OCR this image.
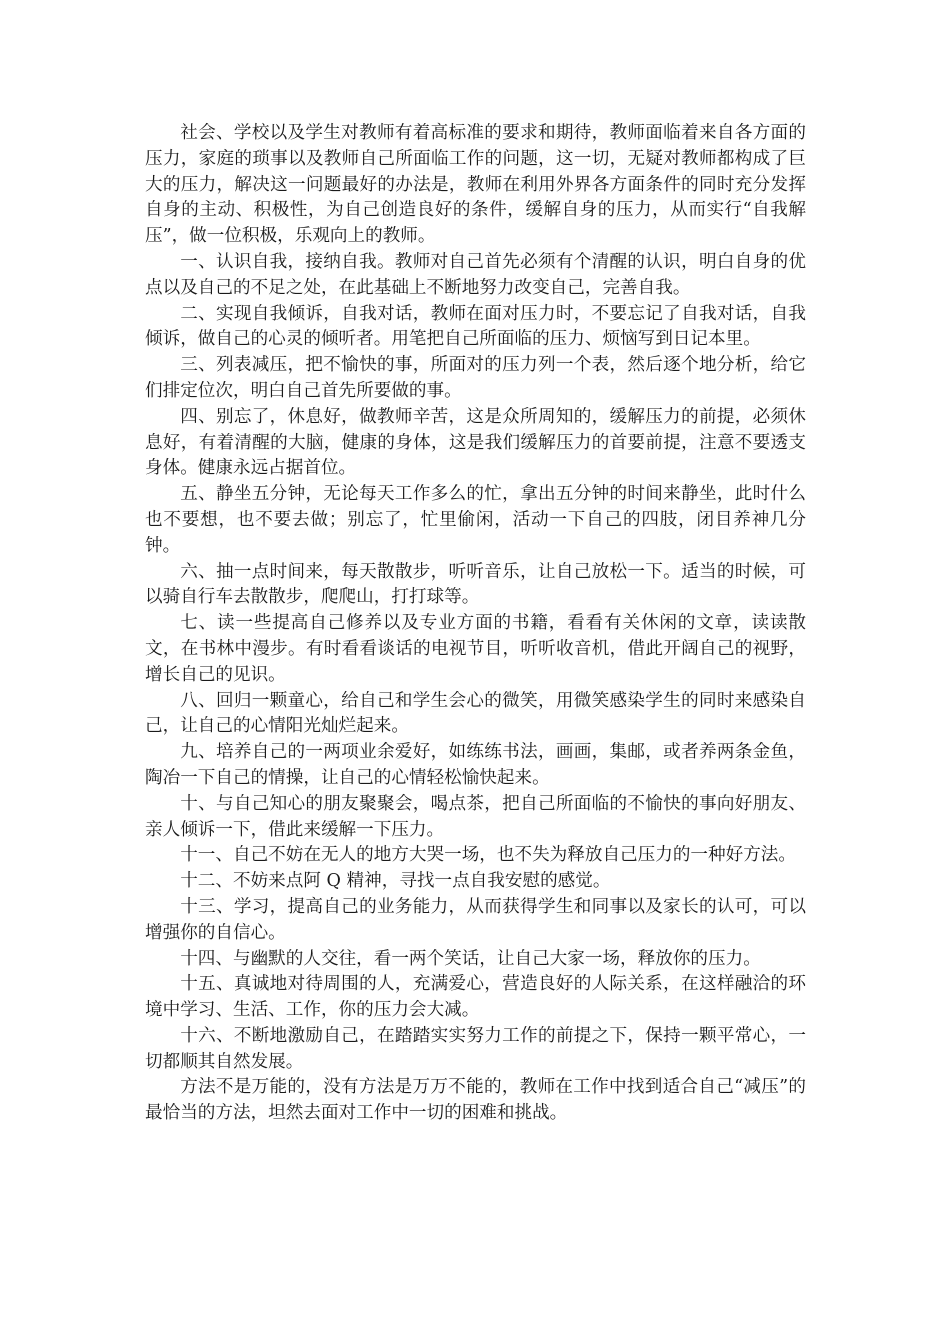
社会、学校以及学生对教师有着高标准的要求和期待，教师面临着来自各方面的压力，家庭的琐事以及教师自己所面临工作的问题，这一切，无疑对教师都构成了巨大的压力，解决这一问题最好的办法是，教师在利用外界各方面条件的同时充分发挥自身的主动、积极性，为自己创造良好的条件，缓解自身的压力，从而实行“自我解压”，做一位积极，乐观向上的教师。

一、认识自我，接纳自我。教师对自己首先必须有个清醒的认识，明白自身的优点以及自己的不足之处，在此基础上不断地努力改变自己，完善自我。

二、实现自我倾诉，自我对话，教师在面对压力时，不要忘记了自我对话，自我倾诉，做自己的心灵的倾听者。用笔把自己所面临的压力、烦恼写到日记本里。

三、列表减压，把不愉快的事，所面对的压力列一个表，然后逐个地分析，给它们排定位次，明白自己首先所要做的事。

四、别忘了，休息好，做教师辛苦，这是众所周知的，缓解压力的前提，必须休息好，有着清醒的大脑，健康的身体，这是我们缓解压力的首要前提，注意不要透支身体。健康永远占据首位。

五、静坐五分钟，无论每天工作多么的忙，拿出五分钟的时间来静坐，此时什么也不要想，也不要去做；别忘了，忙里偷闲，活动一下自己的四肢，闭目养神几分钟。

六、抽一点时间来，每天散散步，听听音乐，让自己放松一下。适当的时候，可以骑自行车去散散步，爬爬山，打打球等。

七、读一些提高自己修养以及专业方面的书籍，看看有关休闲的文章，读读散文，在书林中漫步。有时看看谈话的电视节目，听听收音机，借此开阔自己的视野，增长自己的见识。

八、回归一颗童心，给自己和学生会心的微笑，用微笑感染学生的同时来感染自己，让自己的心情阳光灿烂起来。

九、培养自己的一两项业余爱好，如练练书法，画画，集邮，或者养两条金鱼，陶冶一下自己的情操，让自己的心情轻松愉快起来。

十、与自己知心的朋友聚聚会，喝点茶，把自己所面临的不愉快的事向好朋友、亲人倾诉一下，借此来缓解一下压力。

十一、自己不妨在无人的地方大哭一场，也不失为释放自己压力的一种好方法。

十二、不妨来点阿 Q 精神，寻找一点自我安慰的感觉。

十三、学习，提高自己的业务能力，从而获得学生和同事以及家长的认可，可以增强你的自信心。

十四、与幽默的人交往，看一两个笑话，让自己大家一场，释放你的压力。

十五、真诚地对待周围的人，充满爱心，营造良好的人际关系，在这样融洽的环境中学习、生活、工作，你的压力会大减。

十六、不断地激励自己，在踏踏实实努力工作的前提之下，保持一颗平常心，一切都顺其自然发展。

方法不是万能的，没有方法是万万不能的，教师在工作中找到适合自己“减压”的最恰当的方法，坦然去面对工作中一切的困难和挑战。
